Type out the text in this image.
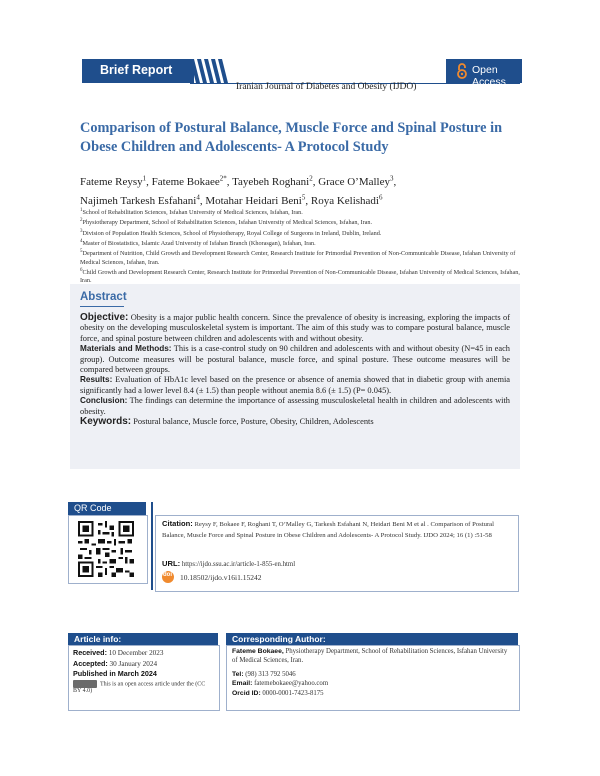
Brief Report	Open Access
Iranian Journal of Diabetes and Obesity (IJDO)
Comparison of Postural Balance, Muscle Force and Spinal Posture in
Obese Children and Adolescents- A Protocol Study
Fateme Reysy$^1$, Fateme Bokaee$^{2*}$, Tayebeh Roghani$^2$, Grace O’Malley$^3$,
Najimeh Tarkesh Esfahani$^4$, Motahar Heidari Beni$^5$, Roya Kelishadi$^6$
$^1$School of Rehabilitation Sciences, Isfahan University of Medical Sciences, Isfahan, Iran.
$^2$Physiotherapy Department, School of Rehabilitation Sciences, Isfahan University of Medical Sciences, Isfahan, Iran.
$^3$Division of Population Health Sciences, School of Physiotherapy, Royal College of Surgeons in Ireland, Dublin, Ireland.
$^4$Master of Biostatistics, Islamic Azad University of Isfahan Branch (Khorasgan), Isfahan, Iran.
$^5$Department of Nutrition, Child Growth and Development Research Center, Research Institute for Primordial Prevention of Non-Communicable Disease, Isfahan University of Medical Sciences, Isfahan, Iran.
$^6$Child Growth and Development Research Center, Research Institute for Primordial Prevention of Non-Communicable Disease, Isfahan University of Medical Sciences, Isfahan, Iran.
Abstract

Objective: Obesity is a major public health concern. Since the prevalence of obesity is increasing, exploring the impacts of obesity on the developing musculoskeletal system is important. The aim of this study was to compare postural balance, muscle force, and spinal posture between children and adolescents with and without obesity.

Materials and Methods: This is a case-control study on 90 children and adolescents with and without obesity (N=45 in each group). Outcome measures will be postural balance, muscle force, and spinal posture. These outcome measures will be compared between groups.

Results: Evaluation of HbA1c level based on the presence or absence of anemia showed that in diabetic group with anemia significantly had a lower level 8.4 (± 1.5) than people without anemia 8.6 (± 1.5) (P= 0.045).

Conclusion: The findings can determine the importance of assessing musculoskeletal health in children and adolescents with obesity.

Keywords: Postural balance, Muscle force, Posture, Obesity, Children, Adolescents

QR Code
Citation: Reysy F, Bokaee F, Roghani T, O’Malley G, Tarkesh Esfahani N, Heidari Beni M et al . Comparison of Postural Balance, Muscle Force and Spinal Posture in Obese Children and Adolescents- A Protocol Study. IJDO 2024; 16 (1) :51-58
URL: https://ijdo.ssu.ac.ir/article-1-855-en.html
doi 10.18502/ijdo.v16i1.15242
Article info:
Received: 10 December 2023
Accepted: 30 January 2024
Published in March 2024
This is an open access article under the (CC BY 4.0)
Corresponding Author:

Fateme Bokaee, Physiotherapy Department, School of Rehabilitation Sciences, Isfahan University of Medical Sciences, Iran.

Tel: (98) 313 792 5046

Email: fatemebokaee@yahoo.com

Orcid ID: 0000-0001-7423-8175
